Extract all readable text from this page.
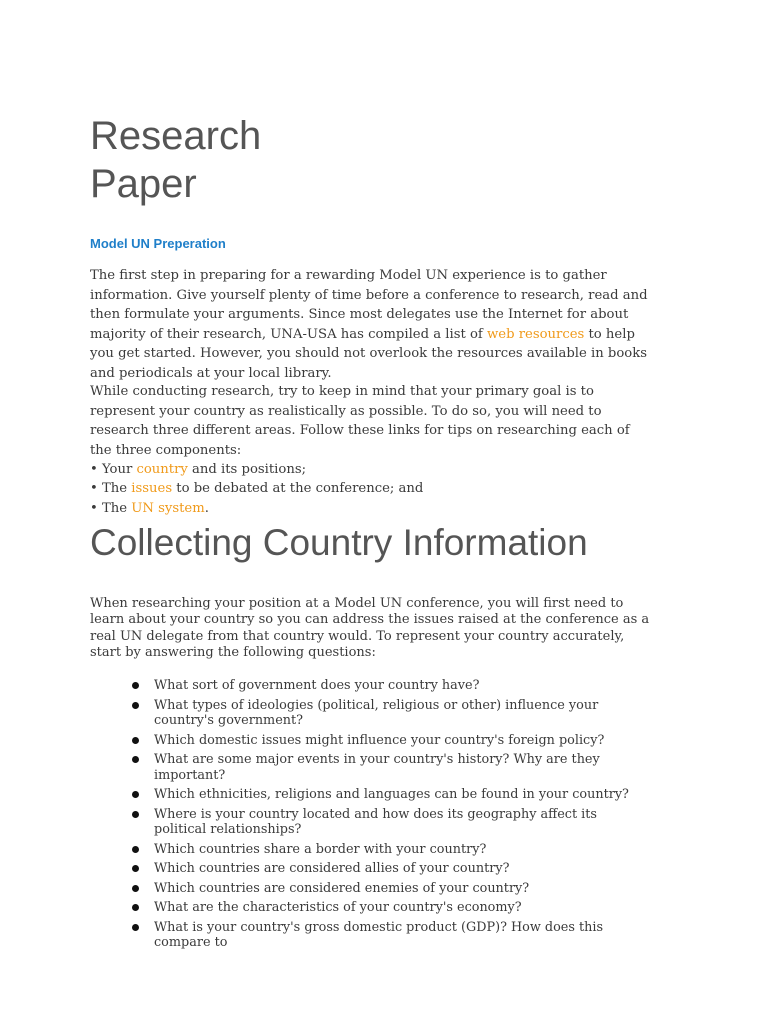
Research
Paper
Model UN Preperation

The first step in preparing for a rewarding Model UN experience is to gather information. Give yourself plenty of time before a conference to research, read and then formulate your arguments. Since most delegates use the Internet for about majority of their research, UNA-USA has compiled a list of web resources to help you get started. However, you should not overlook the resources available in books and periodicals at your local library.

While conducting research, try to keep in mind that your primary goal is to represent your country as realistically as possible. To do so, you will need to research three different areas. Follow these links for tips on researching each of the three components:

• Your country and its positions;

• The issues to be debated at the conference; and

• The UN system.

Collecting Country Information

When researching your position at a Model UN conference, you will first need to learn about your country so you can address the issues raised at the conference as a real UN delegate from that country would. To represent your country accurately, start by answering the following questions:

What sort of government does your country have?
What types of ideologies (political, religious or other) influence your country's government?
Which domestic issues might influence your country's foreign policy?
What are some major events in your country's history? Why are they important?
Which ethnicities, religions and languages can be found in your country?
Where is your country located and how does its geography affect its political relationships?
Which countries share a border with your country?
Which countries are considered allies of your country?
Which countries are considered enemies of your country?
What are the characteristics of your country's economy?
What is your country's gross domestic product (GDP)? How does this compare to
